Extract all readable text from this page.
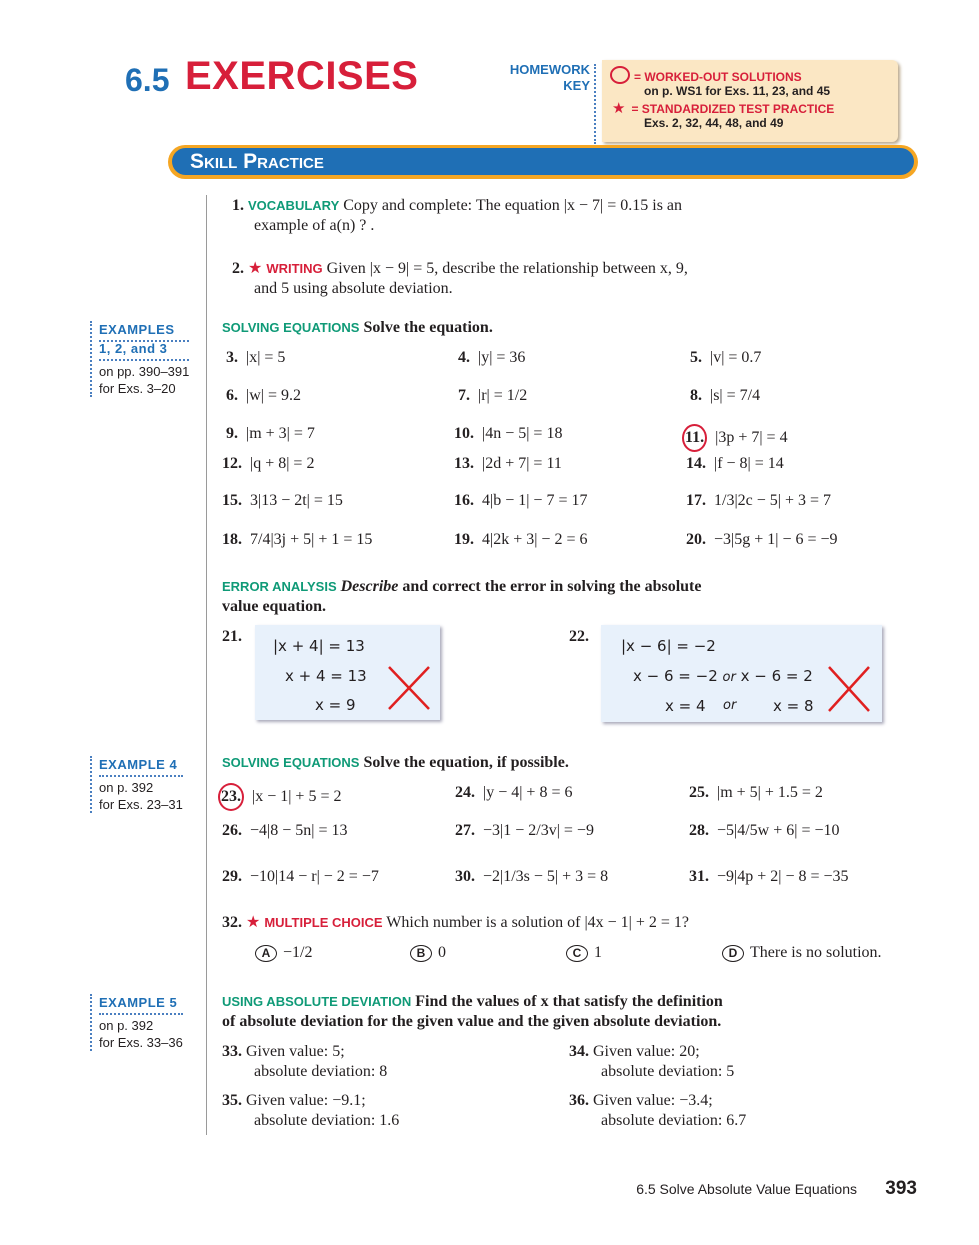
6.5 EXERCISES	HOMEWORK
KEY
= WORKED-OUT SOLUTIONS
on p. WS1 for Exs. 11, 23, and 45
★ = STANDARDIZED TEST PRACTICE
Exs. 2, 32, 44, 48, and 49
Skill Practice
1. VOCABULARY Copy and complete: The equation |x − 7| = 0.15 is an
example of a(n) ? .
2. ★ WRITING Given |x − 9| = 5, describe the relationship between x, 9,
and 5 using absolute deviation.
EXAMPLES
1, 2, and 3
on pp. 390–391
for Exs. 3–20
SOLVING EQUATIONS Solve the equation.
3.  |x| = 5	4.  |y| = 36	5.  |v| = 0.7
6.  |w| = 9.2	7.  |r| = 1/2	8.  |s| = 7/4
9.  |m + 3| = 7	10.  |4n − 5| = 18	11.  |3p + 7| = 4
12.  |q + 8| = 2	13.  |2d + 7| = 11	14.  |f − 8| = 14
15.  3|13 − 2t| = 15	16.  4|b − 1| − 7 = 17	17.  1/3|2c − 5| + 3 = 7
18.  7/4|3j + 5| + 1 = 15	19.  4|2k + 3| − 2 = 6	20.  −3|5g + 1| − 6 = −9
ERROR ANALYSIS Describe and correct the error in solving the absolute
value equation.
21.
|x + 4| = 13
x + 4 = 13
x = 9
22.
|x − 6| = −2
x − 6 = −2 or x − 6 = 2
x = 4 or x = 8
EXAMPLE 4
on p. 392
for Exs. 23–31
SOLVING EQUATIONS Solve the equation, if possible.
23.  |x − 1| + 5 = 2	24.  |y − 4| + 8 = 6	25.  |m + 5| + 1.5 = 2
26.  −4|8 − 5n| = 13	27.  −3|1 − 2/3v| = −9	28.  −5|4/5w + 6| = −10
29.  −10|14 − r| − 2 = −7	30.  −2|1/3s − 5| + 3 = 8	31.  −9|4p + 2| − 8 = −35
32. ★ MULTIPLE CHOICE Which number is a solution of |4x − 1| + 2 = 1?
A −1/2	B 0	C 1	D There is no solution.
EXAMPLE 5
on p. 392
for Exs. 33–36
USING ABSOLUTE DEVIATION Find the values of x that satisfy the definition
of absolute deviation for the given value and the given absolute deviation.
33. Given value: 5;
absolute deviation: 8
34. Given value: 20;
absolute deviation: 5
35. Given value: −9.1;
absolute deviation: 1.6
36. Given value: −3.4;
absolute deviation: 6.7
6.5 Solve Absolute Value Equations 393
